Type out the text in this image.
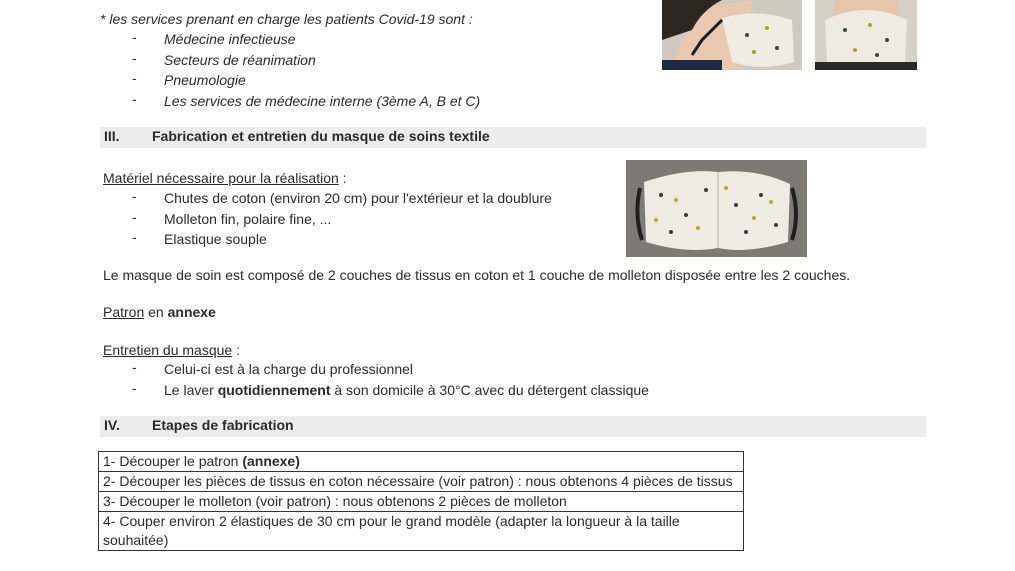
* les services prenant en charge les patients Covid-19 sont :
- Médecine infectieuse
- Secteurs de réanimation
- Pneumologie
- Les services de médecine interne (3ème A, B et C)
III. Fabrication et entretien du masque de soins textile
Matériel nécessaire pour la réalisation :
- Chutes de coton (environ 20 cm) pour l'extérieur et la doublure
- Molleton fin, polaire fine, ...
- Elastique souple
Le masque de soin est composé de 2 couches de tissus en coton et 1 couche de molleton disposée entre les 2 couches.
Patron en annexe
Entretien du masque :
- Celui-ci est à la charge du professionnel
- Le laver quotidiennement à son domicile à 30°C avec du détergent classique
IV. Etapes de fabrication
1- Découper le patron (annexe)
2- Découper les pièces de tissus en coton nécessaire (voir patron) : nous obtenons 4 pièces de tissus
3- Découper le molleton (voir patron) : nous obtenons 2 pièces de molleton
4- Couper environ 2 élastiques de 30 cm pour le grand modèle (adapter la longueur à la taille souhaitée)
